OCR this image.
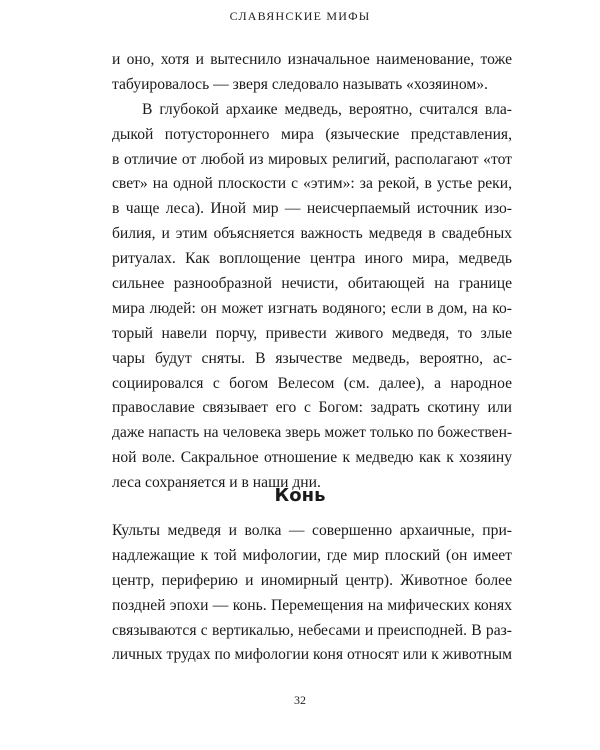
СЛАВЯНСКИЕ МИФЫ
и оно, хотя и вытеснило изначальное наименование, тоже
табуировалось — зверя следовало называть «хозяином».
В глубокой архаике медведь, вероятно, считался вла-
дыкой потустороннего мира (языческие представления,
в отличие от любой из мировых религий, располагают «тот
свет» на одной плоскости с «этим»: за рекой, в устье реки,
в чаще леса). Иной мир — неисчерпаемый источник изо-
билия, и этим объясняется важность медведя в свадебных
ритуалах. Как воплощение центра иного мира, медведь
сильнее разнообразной нечисти, обитающей на границе
мира людей: он может изгнать водяного; если в дом, на ко-
торый навели порчу, привести живого медведя, то злые
чары будут сняты. В язычестве медведь, вероятно, ас-
социировался с богом Велесом (см. далее), а народное
православие связывает его с Богом: задрать скотину или
даже напасть на человека зверь может только по божествен-
ной воле. Сакральное отношение к медведю как к хозяину
леса сохраняется и в наши дни.
Конь
Культы медведя и волка — совершенно архаичные, при-
надлежащие к той мифологии, где мир плоский (он имеет
центр, периферию и иномирный центр). Животное более
поздней эпохи — конь. Перемещения на мифических конях
связываются с вертикалью, небесами и преисподней. В раз-
личных трудах по мифологии коня относят или к животным
32
